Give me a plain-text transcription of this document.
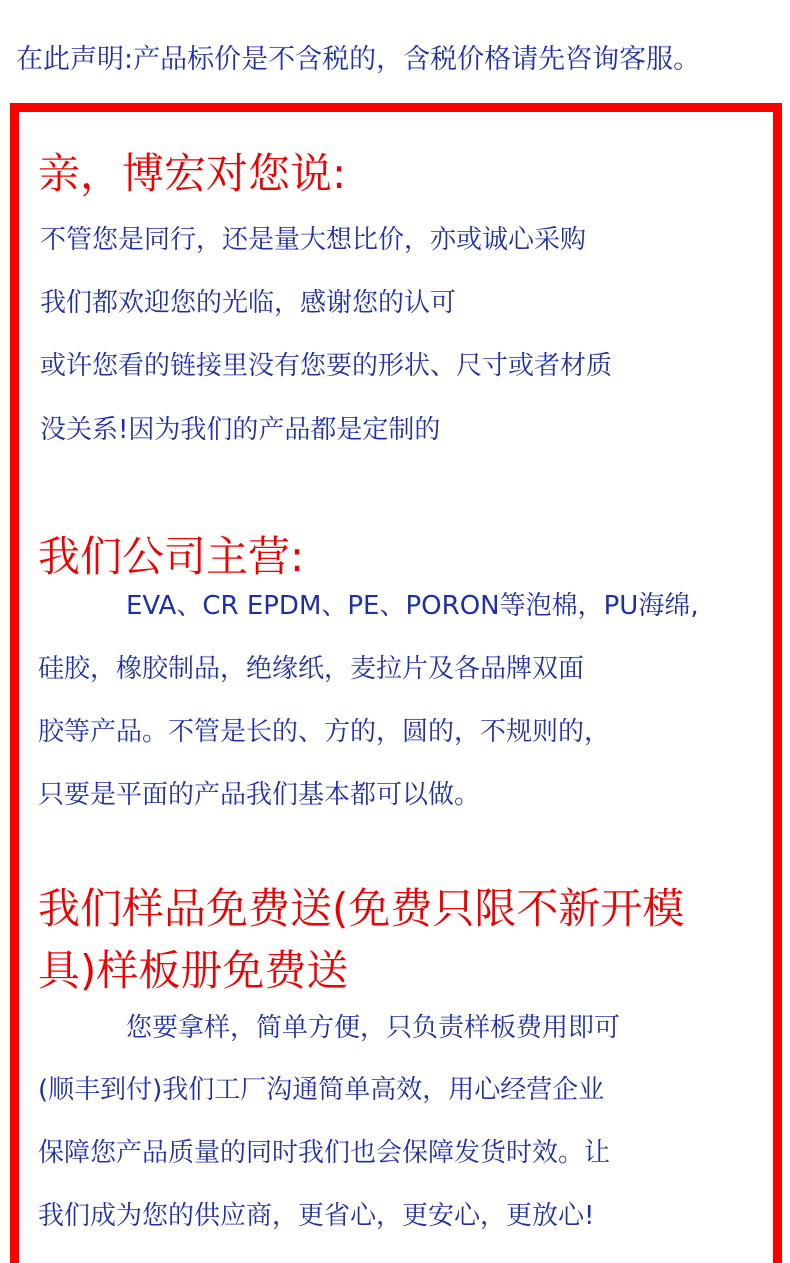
在此声明:产品标价是不含税的，含税价格请先咨询客服。
亲，博宏对您说:
不管您是同行，还是量大想比价，亦或诚心采购
我们都欢迎您的光临，感谢您的认可
或许您看的链接里没有您要的形状、尺寸或者材质
没关系!因为我们的产品都是定制的
我们公司主营:
EVA、CR EPDM、PE、PORON等泡棉，PU海绵,
硅胶，橡胶制品，绝缘纸，麦拉片及各品牌双面
胶等产品。不管是长的、方的，圆的，不规则的，
只要是平面的产品我们基本都可以做。
我们样品免费送(免费只限不新开模
具)样板册免费送
您要拿样，简单方便，只负责样板费用即可
(顺丰到付)我们工厂沟通简单高效，用心经营企业
保障您产品质量的同时我们也会保障发货时效。让
我们成为您的供应商，更省心，更安心，更放心!
